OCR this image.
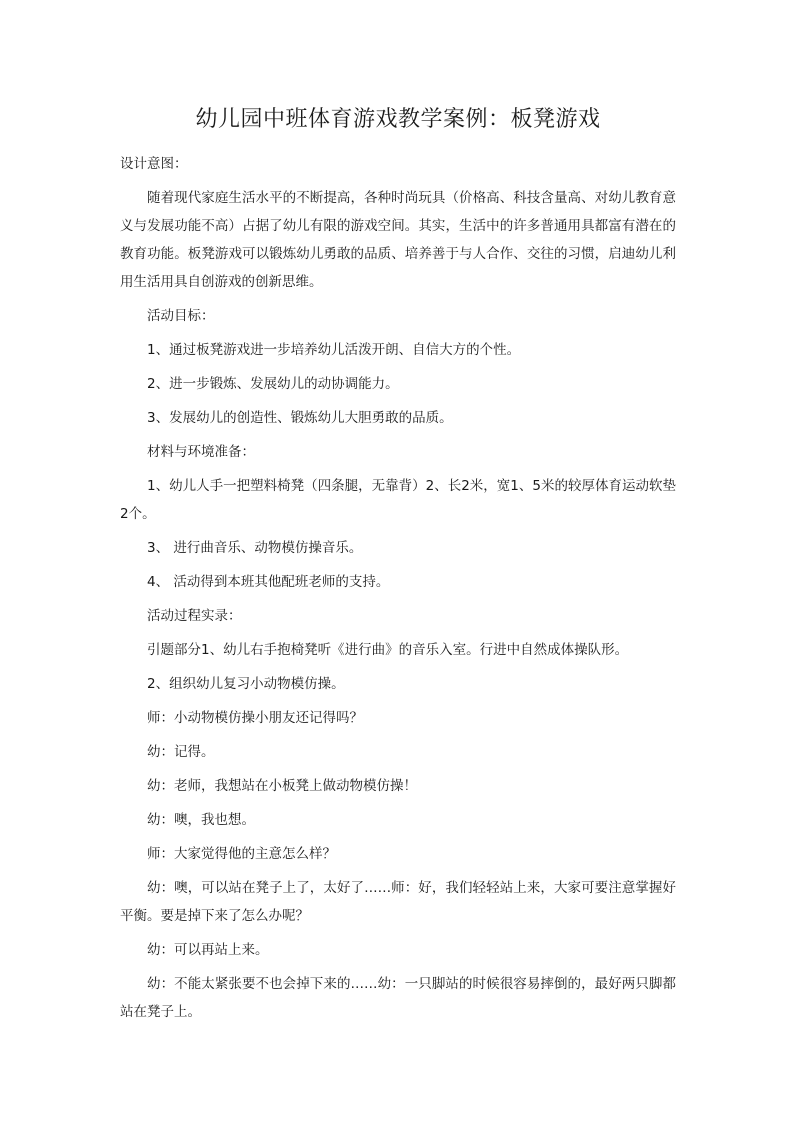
幼儿园中班体育游戏教学案例：板凳游戏

设计意图：

随着现代家庭生活水平的不断提高，各种时尚玩具（价格高、科技含量高、对幼儿教育意义与发展功能不高）占据了幼儿有限的游戏空间。其实，生活中的许多普通用具都富有潜在的教育功能。板凳游戏可以锻炼幼儿勇敢的品质、培养善于与人合作、交往的习惯，启迪幼儿利用生活用具自创游戏的创新思维。

活动目标：

1、通过板凳游戏进一步培养幼儿活泼开朗、自信大方的个性。

2、进一步锻炼、发展幼儿的动协调能力。

3、发展幼儿的创造性、锻炼幼儿大胆勇敢的品质。

材料与环境准备：

1、幼儿人手一把塑料椅凳（四条腿，无靠背）2、长2米，宽1、5米的较厚体育运动软垫2个。

3、 进行曲音乐、动物模仿操音乐。

4、 活动得到本班其他配班老师的支持。

活动过程实录：

引题部分1、幼儿右手抱椅凳听《进行曲》的音乐入室。行进中自然成体操队形。

2、组织幼儿复习小动物模仿操。

师：小动物模仿操小朋友还记得吗？

幼：记得。

幼：老师，我想站在小板凳上做动物模仿操！

幼：噢，我也想。

师：大家觉得他的主意怎么样？

幼：噢，可以站在凳子上了，太好了……师：好，我们轻轻站上来，大家可要注意掌握好平衡。要是掉下来了怎么办呢？

幼：可以再站上来。

幼：不能太紧张要不也会掉下来的……幼：一只脚站的时候很容易摔倒的，最好两只脚都站在凳子上。
